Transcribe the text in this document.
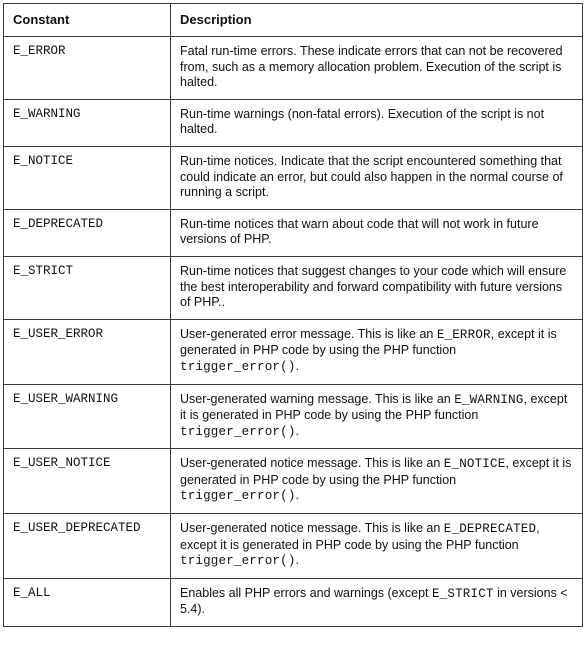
Constant	Description
E_ERROR	Fatal run-time errors. These indicate errors that can not be recovered from, such as a memory allocation problem. Execution of the script is halted.
E_WARNING	Run-time warnings (non-fatal errors). Execution of the script is not halted.
E_NOTICE	Run-time notices. Indicate that the script encountered something that could indicate an error, but could also happen in the normal course of running a script.
E_DEPRECATED	Run-time notices that warn about code that will not work in future versions of PHP.
E_STRICT	Run-time notices that suggest changes to your code which will ensure the best interoperability and forward compatibility with future versions of PHP..
E_USER_ERROR	User-generated error message. This is like an E_ERROR, except it is generated in PHP code by using the PHP function trigger_error().
E_USER_WARNING	User-generated warning message. This is like an E_WARNING, except it is generated in PHP code by using the PHP function trigger_error().
E_USER_NOTICE	User-generated notice message. This is like an E_NOTICE, except it is generated in PHP code by using the PHP function trigger_error().
E_USER_DEPRECATED	User-generated notice message. This is like an E_DEPRECATED, except it is generated in PHP code by using the PHP function trigger_error().
E_ALL	Enables all PHP errors and warnings (except E_STRICT in versions < 5.4).
